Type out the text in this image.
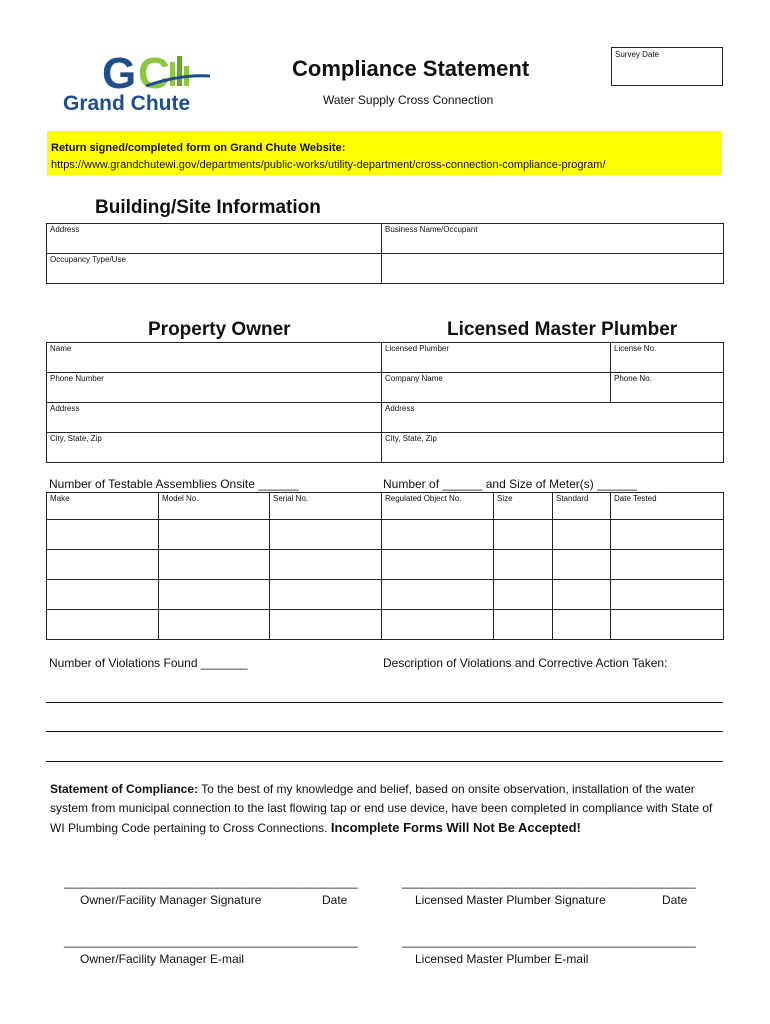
G C
Grand Chute
Compliance Statement
Water Supply Cross Connection
Survey Date
Return signed/completed form on Grand Chute Website:
https://www.grandchutewi.gov/departments/public-works/utility-department/cross-connection-compliance-program/
Building/Site Information
Address	Business Name/Occupant
Occupancy Type/Use	
Property Owner	Licensed Master Plumber
Name	Licensed Plumber	License No.
Phone Number	Company Name	Phone No.
Address	Address	
City, State, Zip	City, State, Zip	
Number of Testable Assemblies Onsite ______	Number of ______ and Size of Meter(s) ______
Make	Model No.	Serial No.	Regulated Object No.	Size	Standard	Date Tested

Number of Violations Found _______	Description of Violations and Corrective Action Taken:
Statement of Compliance: To the best of my knowledge and belief, based on onsite observation, installation of the water system from municipal connection to the last flowing tap or end use device, have been completed in compliance with State of WI Plumbing Code pertaining to Cross Connections. Incomplete Forms Will Not Be Accepted!
____________________________________________	____________________________________________
Owner/Facility Manager Signature	Date	Licensed Master Plumber Signature	Date
____________________________________________	____________________________________________
Owner/Facility Manager E-mail	Licensed Master Plumber E-mail
